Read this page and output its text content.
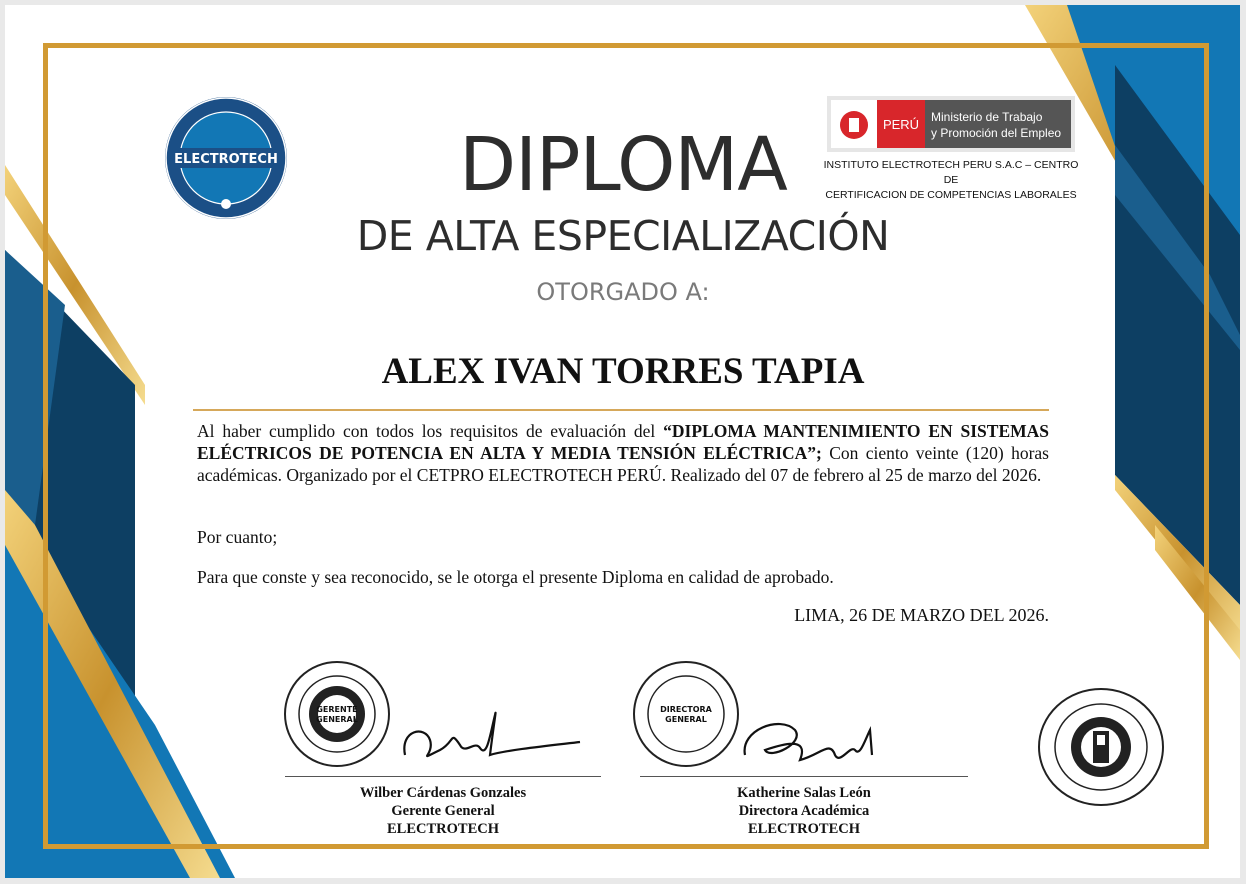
ELECTROTECH
PERÚ Ministerio de Trabajo
y Promoción del Empleo
INSTITUTO ELECTROTECH PERU S.A.C – CENTRO DE
CERTIFICACION DE COMPETENCIAS LABORALES
DIPLOMA
DE ALTA ESPECIALIZACIÓN
OTORGADO A:
ALEX IVAN TORRES TAPIA
Al haber cumplido con todos los requisitos de evaluación del “DIPLOMA MANTENIMIENTO EN SISTEMAS ELÉCTRICOS DE POTENCIA EN ALTA Y MEDIA TENSIÓN ELÉCTRICA”; Con ciento veinte (120) horas académicas. Organizado por el CETPRO ELECTROTECH PERÚ. Realizado del 07 de febrero al 25 de marzo del 2026.
Por cuanto;
Para que conste y sea reconocido, se le otorga el presente Diploma en calidad de aprobado.
LIMA, 26 DE MARZO DEL 2026.
GERENTE
GENERAL
Wilber Cárdenas Gonzales
Gerente General
ELECTROTECH
DIRECTORA
GENERAL
Katherine Salas León
Directora Académica
ELECTROTECH
